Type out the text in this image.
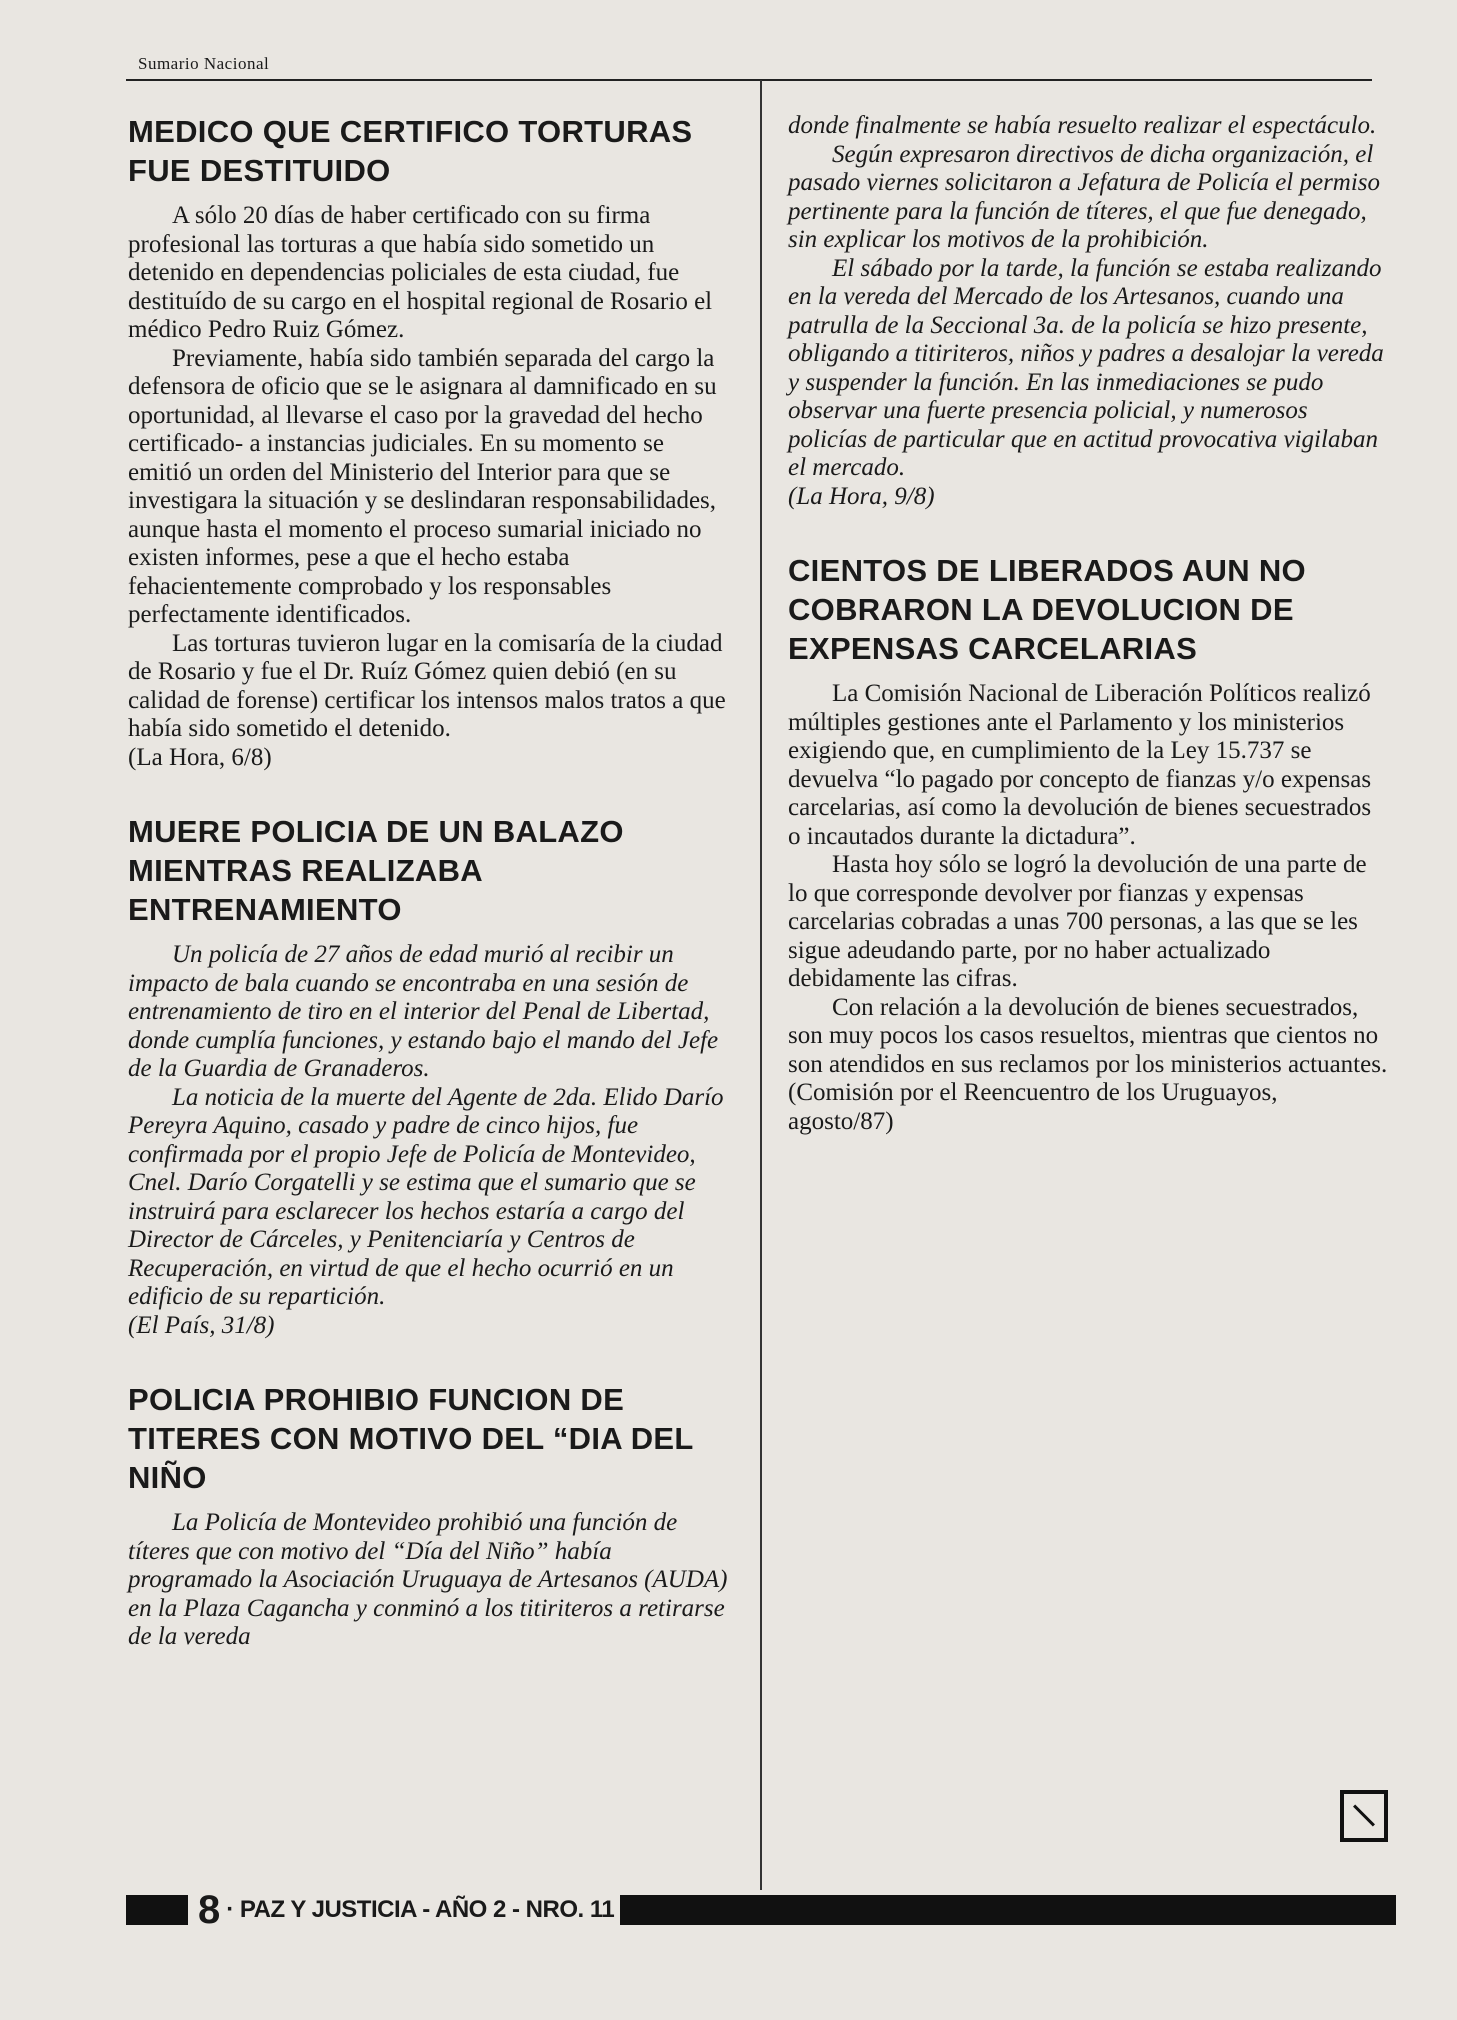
Sumario Nacional
MEDICO QUE CERTIFICO TORTURAS FUE DESTITUIDO

A sólo 20 días de haber certificado con su firma profesional las torturas a que había sido sometido un detenido en dependencias policiales de esta ciudad, fue destituído de su cargo en el hospital regional de Rosario el médico Pedro Ruiz Gómez.

Previamente, había sido también separada del cargo la defensora de oficio que se le asignara al damnificado en su oportunidad, al llevarse el caso por la gravedad del hecho certificado- a instancias judiciales. En su momento se emitió un orden del Ministerio del Interior para que se investigara la situación y se deslindaran responsabilidades, aunque hasta el momento el proceso sumarial iniciado no existen informes, pese a que el hecho estaba fehacientemente comprobado y los responsables perfectamente identificados.

Las torturas tuvieron lugar en la comisaría de la ciudad de Rosario y fue el Dr. Ruíz Gómez quien debió (en su calidad de forense) certificar los intensos malos tratos a que había sido sometido el detenido.

(La Hora, 6/8)

MUERE POLICIA DE UN BALAZO MIENTRAS REALIZABA ENTRENAMIENTO

Un policía de 27 años de edad murió al recibir un impacto de bala cuando se encontraba en una sesión de entrenamiento de tiro en el interior del Penal de Libertad, donde cumplía funciones, y estando bajo el mando del Jefe de la Guardia de Granaderos.

La noticia de la muerte del Agente de 2da. Elido Darío Pereyra Aquino, casado y padre de cinco hijos, fue confirmada por el propio Jefe de Policía de Montevideo, Cnel. Darío Corgatelli y se estima que el sumario que se instruirá para esclarecer los hechos estaría a cargo del Director de Cárceles, y Penitenciaría y Centros de Recuperación, en virtud de que el hecho ocurrió en un edificio de su repartición.

(El País, 31/8)

POLICIA PROHIBIO FUNCION DE TITERES CON MOTIVO DEL “DIA DEL NIÑO

La Policía de Montevideo prohibió una función de títeres que con motivo del “Día del Niño” había programado la Asociación Uruguaya de Artesanos (AUDA) en la Plaza Cagancha y conminó a los titiriteros a retirarse de la vereda

donde finalmente se había resuelto realizar el espectáculo.

Según expresaron directivos de dicha organización, el pasado viernes solicitaron a Jefatura de Policía el permiso pertinente para la función de títeres, el que fue denegado, sin explicar los motivos de la prohibición.

El sábado por la tarde, la función se estaba realizando en la vereda del Mercado de los Artesanos, cuando una patrulla de la Seccional 3a. de la policía se hizo presente, obligando a titiriteros, niños y padres a desalojar la vereda y suspender la función. En las inmediaciones se pudo observar una fuerte presencia policial, y numerosos policías de particular que en actitud provocativa vigilaban el mercado.

(La Hora, 9/8)

CIENTOS DE LIBERADOS AUN NO COBRARON LA DEVOLUCION DE EXPENSAS CARCELARIAS

La Comisión Nacional de Liberación Políticos realizó múltiples gestiones ante el Parlamento y los ministerios exigiendo que, en cumplimiento de la Ley 15.737 se devuelva “lo pagado por concepto de fianzas y/o expensas carcelarias, así como la devolución de bienes secuestrados o incautados durante la dictadura”.

Hasta hoy sólo se logró la devolución de una parte de lo que corresponde devolver por fianzas y expensas carcelarias cobradas a unas 700 personas, a las que se les sigue adeudando parte, por no haber actualizado debidamente las cifras.

Con relación a la devolución de bienes secuestrados, son muy pocos los casos resueltos, mientras que cientos no son atendidos en sus reclamos por los ministerios actuantes.

(Comisión por el Reencuentro de los Uruguayos, agosto/87)

8 · PAZ Y JUSTICIA - AÑO 2 - NRO. 11
